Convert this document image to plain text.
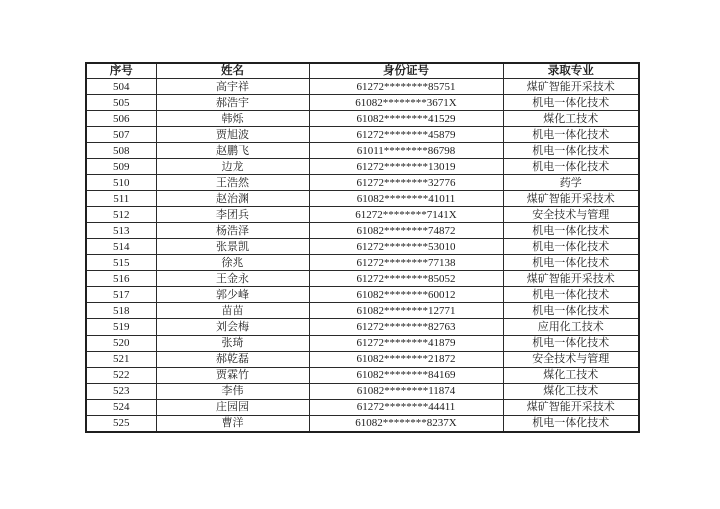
序号	姓名	身份证号	录取专业
504	高宇祥	61272********85751	煤矿智能开采技术
505	郝浩宇	61082********3671X	机电一体化技术
506	韩烁	61082********41529	煤化工技术
507	贾旭波	61272********45879	机电一体化技术
508	赵鹏飞	61011********86798	机电一体化技术
509	边龙	61272********13019	机电一体化技术
510	王浩然	61272********32776	药学
511	赵治渊	61082********41011	煤矿智能开采技术
512	李团兵	61272********7141X	安全技术与管理
513	杨浩泽	61082********74872	机电一体化技术
514	张景凯	61272********53010	机电一体化技术
515	徐兆	61272********77138	机电一体化技术
516	王金永	61272********85052	煤矿智能开采技术
517	郭少峰	61082********60012	机电一体化技术
518	苗苗	61082********12771	机电一体化技术
519	刘会梅	61272********82763	应用化工技术
520	张琦	61272********41879	机电一体化技术
521	郝乾磊	61082********21872	安全技术与管理
522	贾霖竹	61082********84169	煤化工技术
523	李伟	61082********11874	煤化工技术
524	庄园园	61272********44411	煤矿智能开采技术
525	曹洋	61082********8237X	机电一体化技术
